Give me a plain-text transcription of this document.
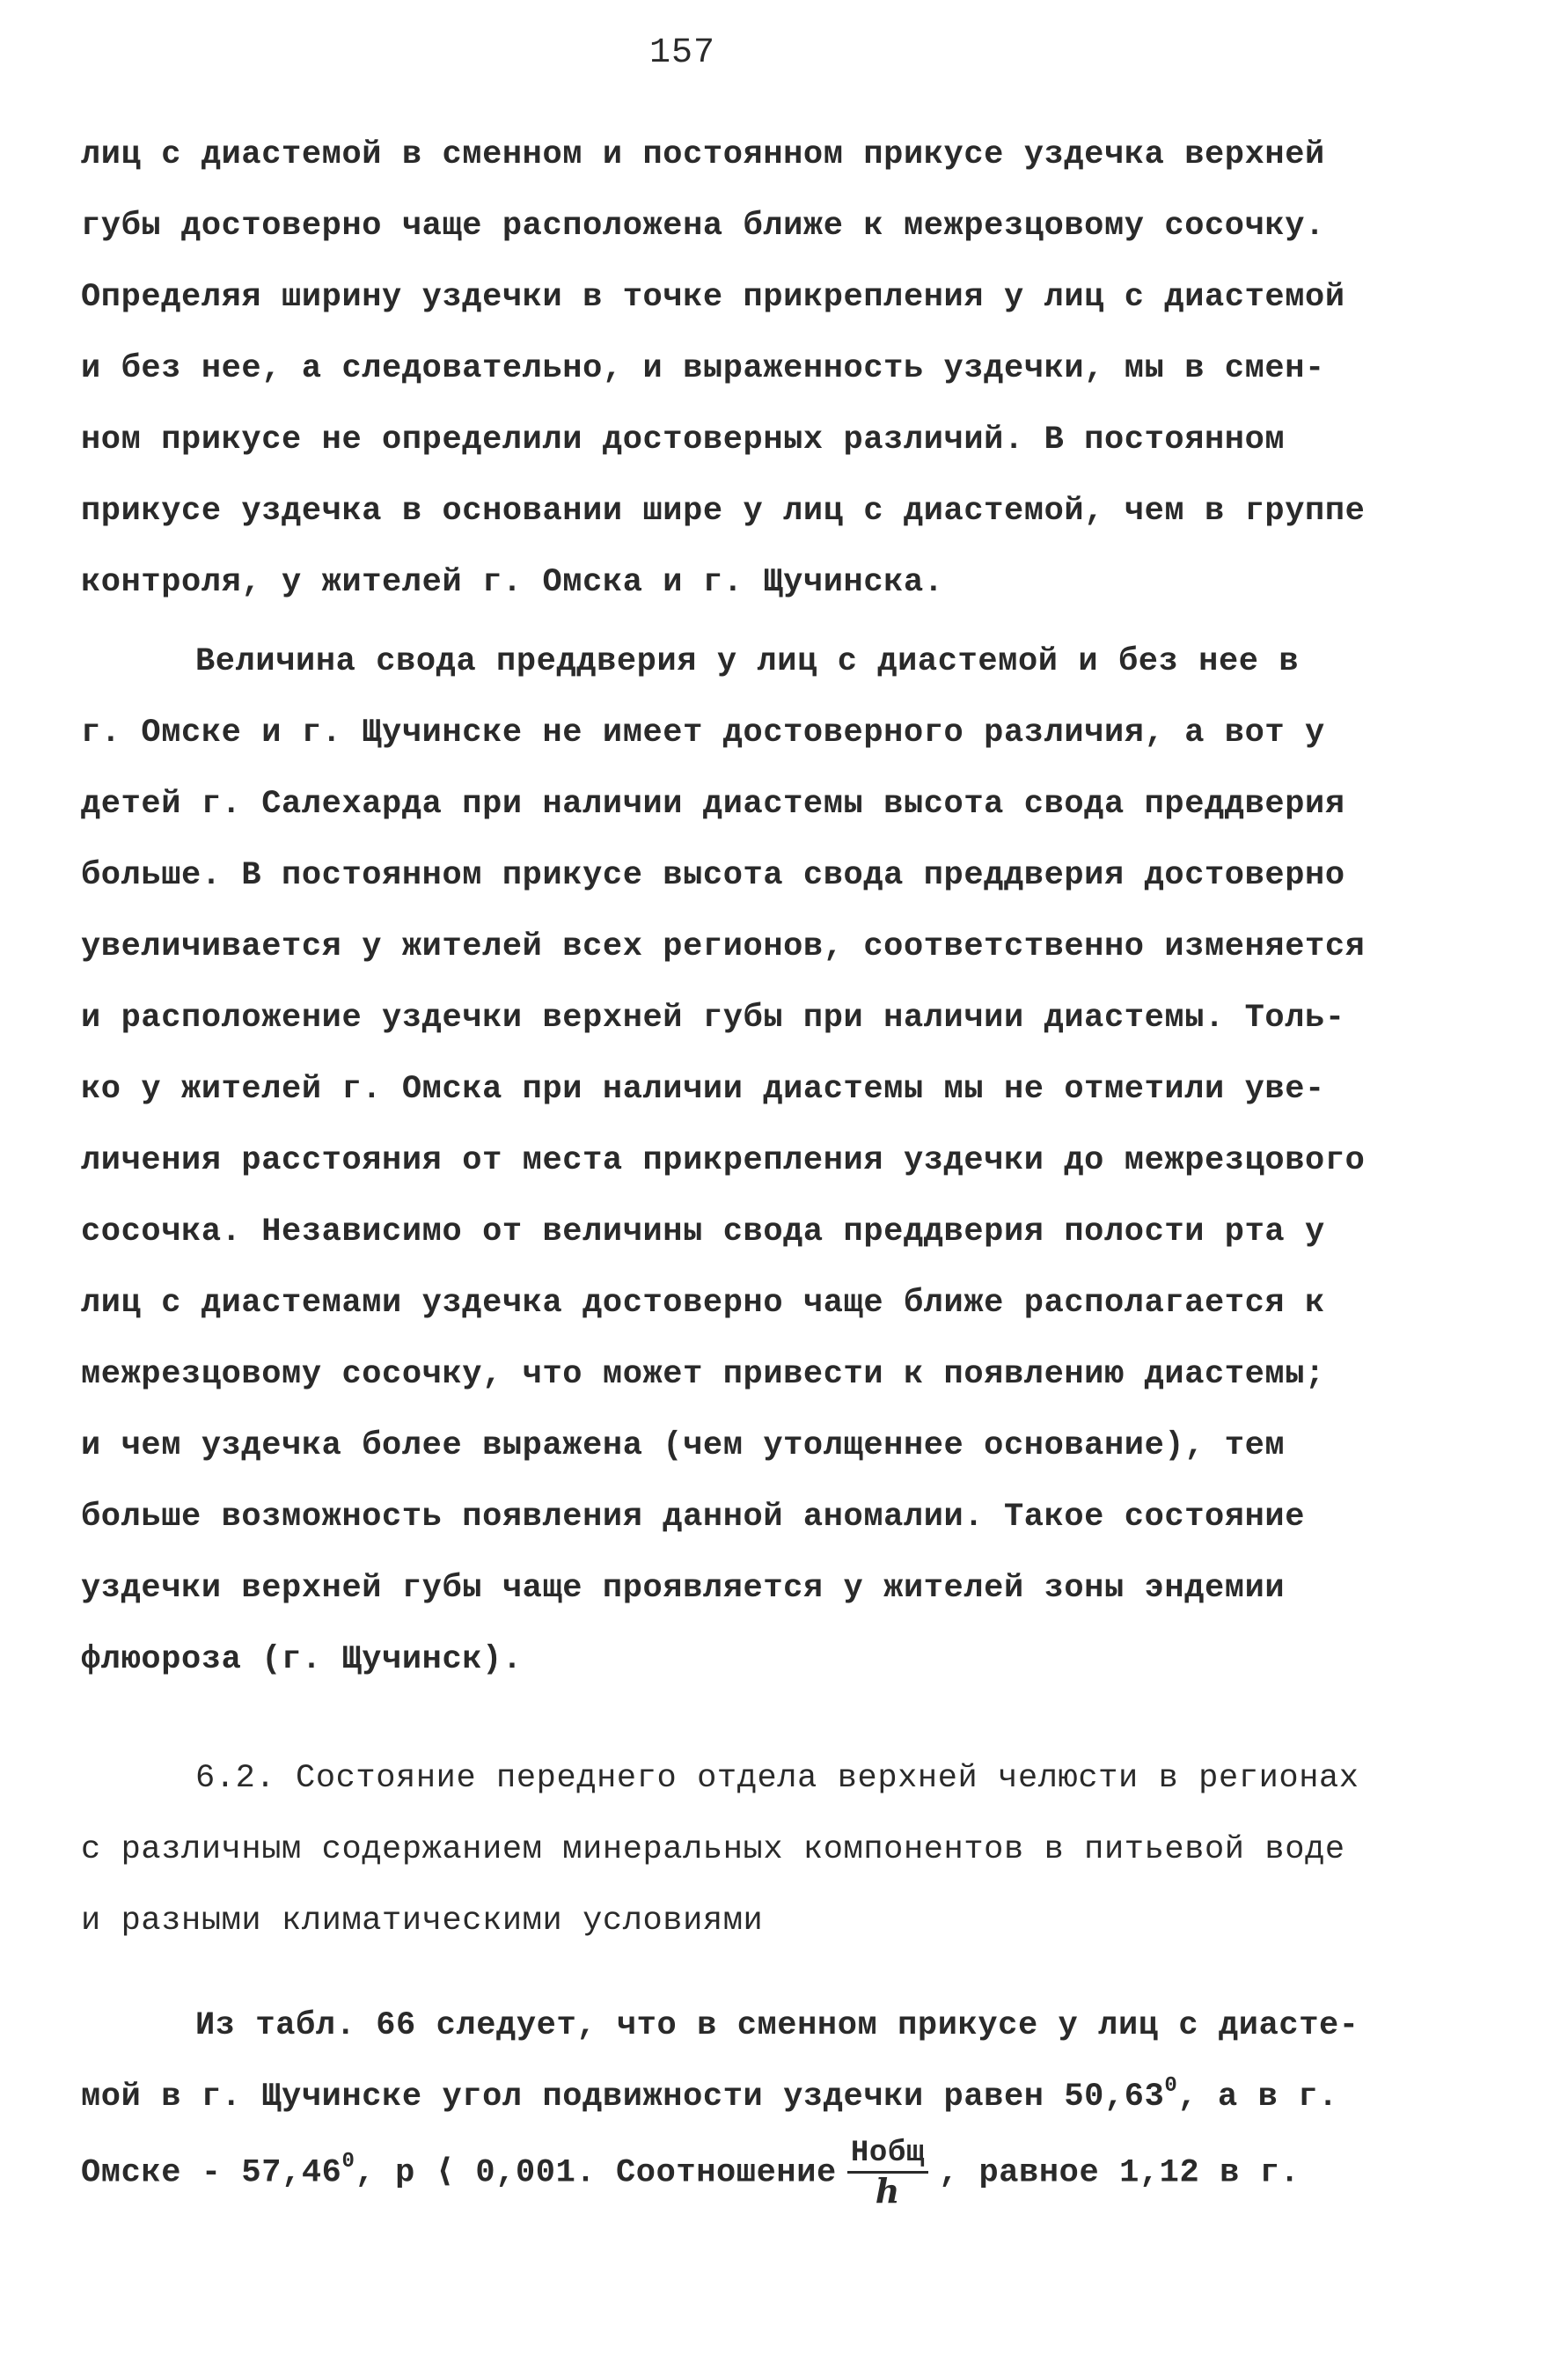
157
лиц с диастемой в сменном и постоянном прикусе уздечка верхней
губы достоверно чаще расположена ближе к межрезцовому сосочку.
Определяя ширину уздечки в точке прикрепления у лиц с диастемой
и без нее, а следовательно, и выраженность уздечки, мы в смен-
ном прикусе не определили достоверных различий. В постоянном
прикусе уздечка в основании шире у лиц с диастемой, чем в группе
контроля, у жителей г. Омска и г. Щучинска.
Величина свода преддверия у лиц с диастемой и без нее в
г. Омске и г. Щучинске не имеет достоверного различия, а вот у
детей г. Салехарда при наличии диастемы высота свода преддверия
больше. В постоянном прикусе высота свода преддверия достоверно
увеличивается у жителей всех регионов, соответственно изменяется
и расположение уздечки верхней губы при наличии диастемы. Толь-
ко у жителей г. Омска при наличии диастемы мы не отметили уве-
личения расстояния от места прикрепления уздечки до межрезцового
сосочка. Независимо от величины свода преддверия полости рта у
лиц с диастемами уздечка достоверно чаще ближе располагается к
межрезцовому сосочку, что может привести к появлению диастемы;
и чем уздечка более выражена (чем утолщеннее основание), тем
больше возможность появления данной аномалии. Такое состояние
уздечки верхней губы чаще проявляется у жителей зоны эндемии
флюороза (г. Щучинск).
6.2. Состояние переднего отдела верхней челюсти в регионах
с различным содержанием минеральных компонентов в питьевой воде
и разными климатическими условиями
Из табл. 66 следует, что в сменном прикусе у лиц с диасте-
мой в г. Щучинске угол подвижности уздечки равен 50,63$^0$, а в г.
Омске - 57,46$^0$, р ⟨ 0,001. Соотношение $\frac{\text{Нобщ}}{h}$ , равное 1,12 в г.
